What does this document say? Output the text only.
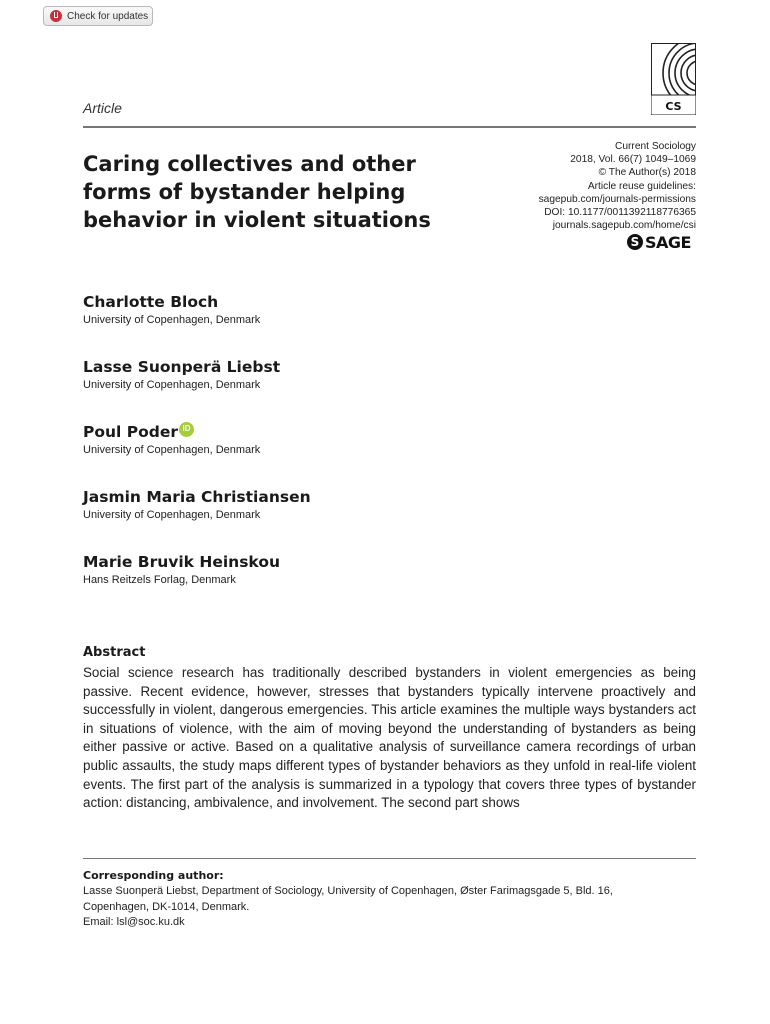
Check for updates
Article	CS
Caring collectives and other forms of bystander helping behavior in violent situations
Current Sociology
2018, Vol. 66(7) 1049–1069
© The Author(s) 2018
Article reuse guidelines:
sagepub.com/journals-permissions
DOI: 10.1177/0011392118776365
journals.sagepub.com/home/csi
S SAGE
Charlotte Bloch
University of Copenhagen, Denmark
Lasse Suonperä Liebst
University of Copenhagen, Denmark
Poul Poder iD
University of Copenhagen, Denmark
Jasmin Maria Christiansen
University of Copenhagen, Denmark
Marie Bruvik Heinskou
Hans Reitzels Forlag, Denmark
Abstract

Social science research has traditionally described bystanders in violent emergencies as being passive. Recent evidence, however, stresses that bystanders typically intervene proactively and successfully in violent, dangerous emergencies. This article examines the multiple ways bystanders act in situations of violence, with the aim of moving beyond the understanding of bystanders as being either passive or active. Based on a qualitative analysis of surveillance camera recordings of urban public assaults, the study maps different types of bystander behaviors as they unfold in real-life violent events. The first part of the analysis is summarized in a typology that covers three types of bystander action: distancing, ambivalence, and involvement. The second part shows

Corresponding author:
Lasse Suonperä Liebst, Department of Sociology, University of Copenhagen, Øster Farimagsgade 5, Bld. 16,
Copenhagen, DK-1014, Denmark.
Email: lsl@soc.ku.dk
